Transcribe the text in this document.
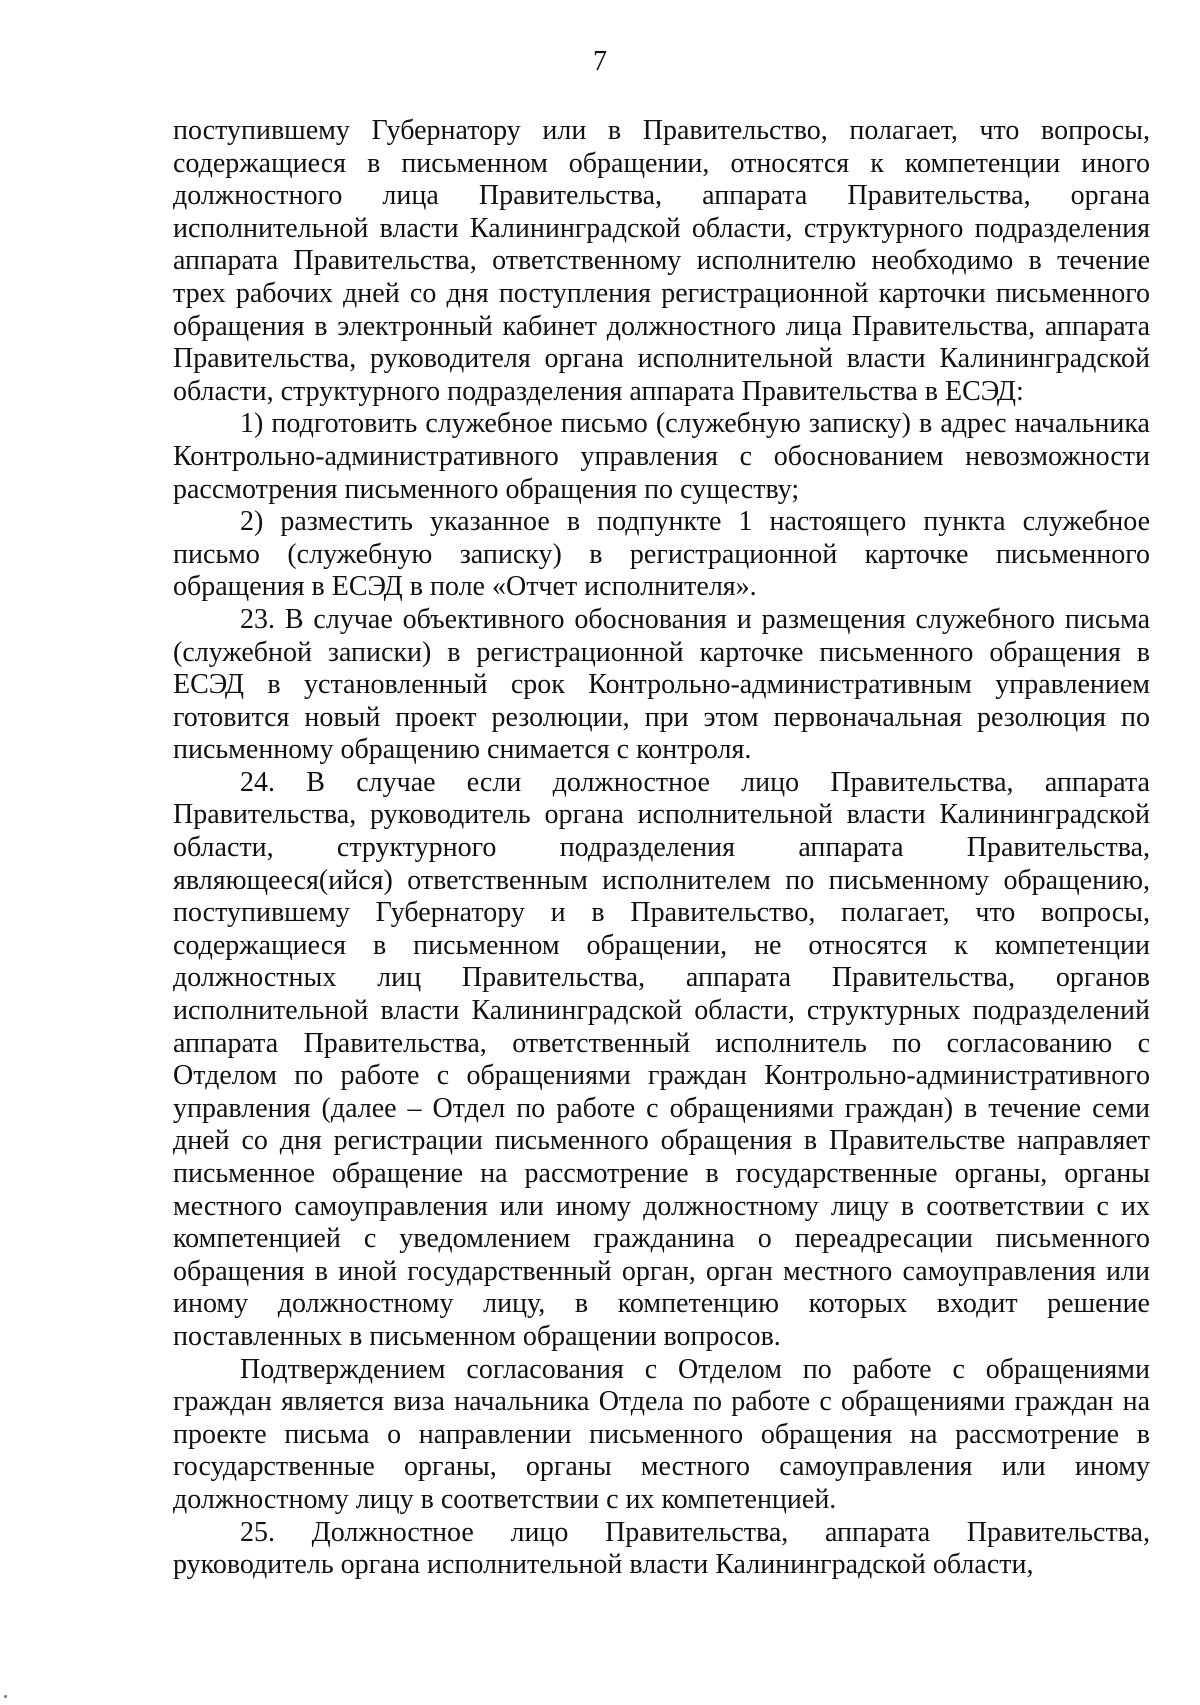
7

поступившему Губернатору или в Правительство, полагает, что вопросы, содержащиеся в письменном обращении, относятся к компетенции иного должностного лица Правительства, аппарата Правительства, органа исполнительной власти Калининградской области, структурного подразделения аппарата Правительства, ответственному исполнителю необходимо в течение трех рабочих дней со дня поступления регистрационной карточки письменного обращения в электронный кабинет должностного лица Правительства, аппарата Правительства, руководителя органа исполнительной власти Калининградской области, структурного подразделения аппарата Правительства в ЕСЭД:

1) подготовить служебное письмо (служебную записку) в адрес начальника Контрольно-административного управления с обоснованием невозможности рассмотрения письменного обращения по существу;

2) разместить указанное в подпункте 1 настоящего пункта служебное письмо (служебную записку) в регистрационной карточке письменного обращения в ЕСЭД в поле «Отчет исполнителя».

23. В случае объективного обоснования и размещения служебного письма (служебной записки) в регистрационной карточке письменного обращения в ЕСЭД в установленный срок Контрольно-административным управлением готовится новый проект резолюции, при этом первоначальная резолюция по письменному обращению снимается с контроля.

24. В случае если должностное лицо Правительства, аппарата Правительства, руководитель органа исполнительной власти Калининградской области, структурного подразделения аппарата Правительства, являющееся(ийся) ответственным исполнителем по письменному обращению, поступившему Губернатору и в Правительство, полагает, что вопросы, содержащиеся в письменном обращении, не относятся к компетенции должностных лиц Правительства, аппарата Правительства, органов исполнительной власти Калининградской области, структурных подразделений аппарата Правительства, ответственный исполнитель по согласованию с Отделом по работе с обращениями граждан Контрольно-административного управления (далее – Отдел по работе с обращениями граждан) в течение семи дней со дня регистрации письменного обращения в Правительстве направляет письменное обращение на рассмотрение в государственные органы, органы местного самоуправления или иному должностному лицу в соответствии с их компетенцией с уведомлением гражданина о переадресации письменного обращения в иной государственный орган, орган местного самоуправления или иному должностному лицу, в компетенцию которых входит решение поставленных в письменном обращении вопросов.

Подтверждением согласования с Отделом по работе с обращениями граждан является виза начальника Отдела по работе с обращениями граждан на проекте письма о направлении письменного обращения на рассмотрение в государственные органы, органы местного самоуправления или иному должностному лицу в соответствии с их компетенцией.

25. Должностное лицо Правительства, аппарата Правительства, руководитель органа исполнительной власти Калининградской области,
